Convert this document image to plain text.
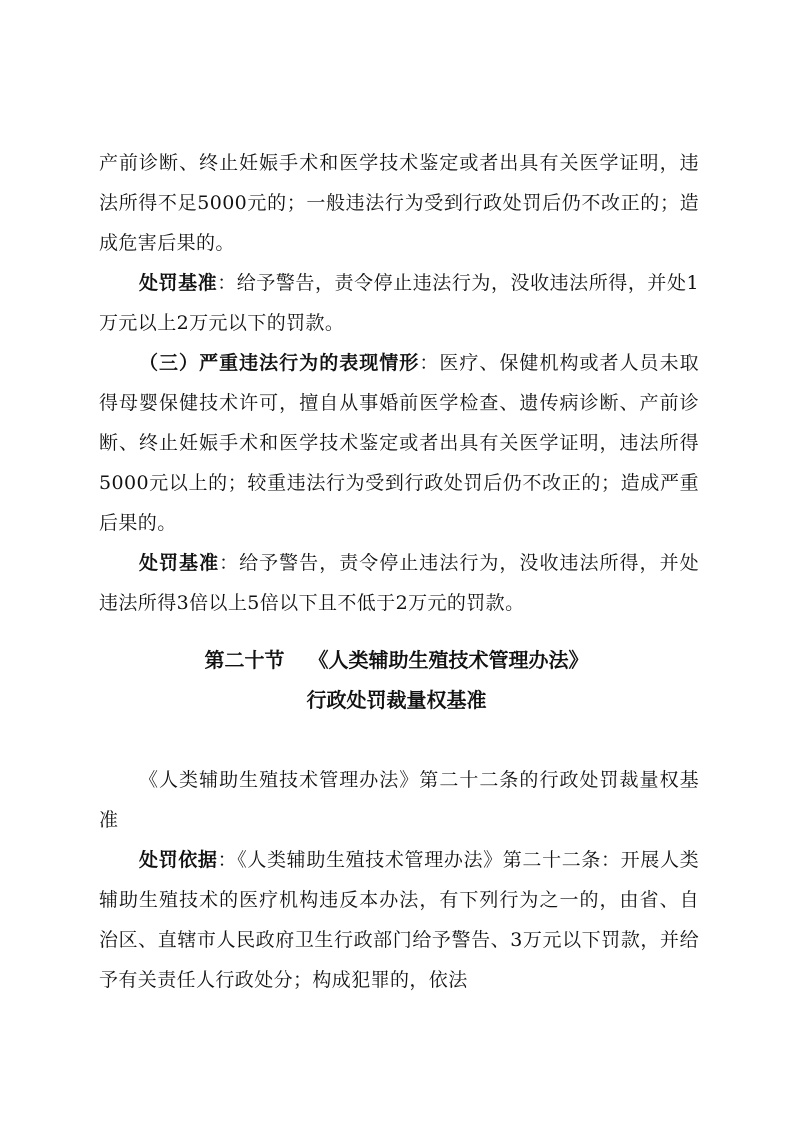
产前诊断、终止妊娠手术和医学技术鉴定或者出具有关医学证明，违法所得不足5000元的；一般违法行为受到行政处罚后仍不改正的；造成危害后果的。

处罚基准：给予警告，责令停止违法行为，没收违法所得，并处1万元以上2万元以下的罚款。

（三）严重违法行为的表现情形：医疗、保健机构或者人员未取得母婴保健技术许可，擅自从事婚前医学检查、遗传病诊断、产前诊断、终止妊娠手术和医学技术鉴定或者出具有关医学证明，违法所得5000元以上的；较重违法行为受到行政处罚后仍不改正的；造成严重后果的。

处罚基准：给予警告，责令停止违法行为，没收违法所得，并处违法所得3倍以上5倍以下且不低于2万元的罚款。

第二十节 《人类辅助生殖技术管理办法》

行政处罚裁量权基准

《人类辅助生殖技术管理办法》第二十二条的行政处罚裁量权基准

处罚依据：《人类辅助生殖技术管理办法》第二十二条：开展人类辅助生殖技术的医疗机构违反本办法，有下列行为之一的，由省、自治区、直辖市人民政府卫生行政部门给予警告、3万元以下罚款，并给予有关责任人行政处分；构成犯罪的，依法
